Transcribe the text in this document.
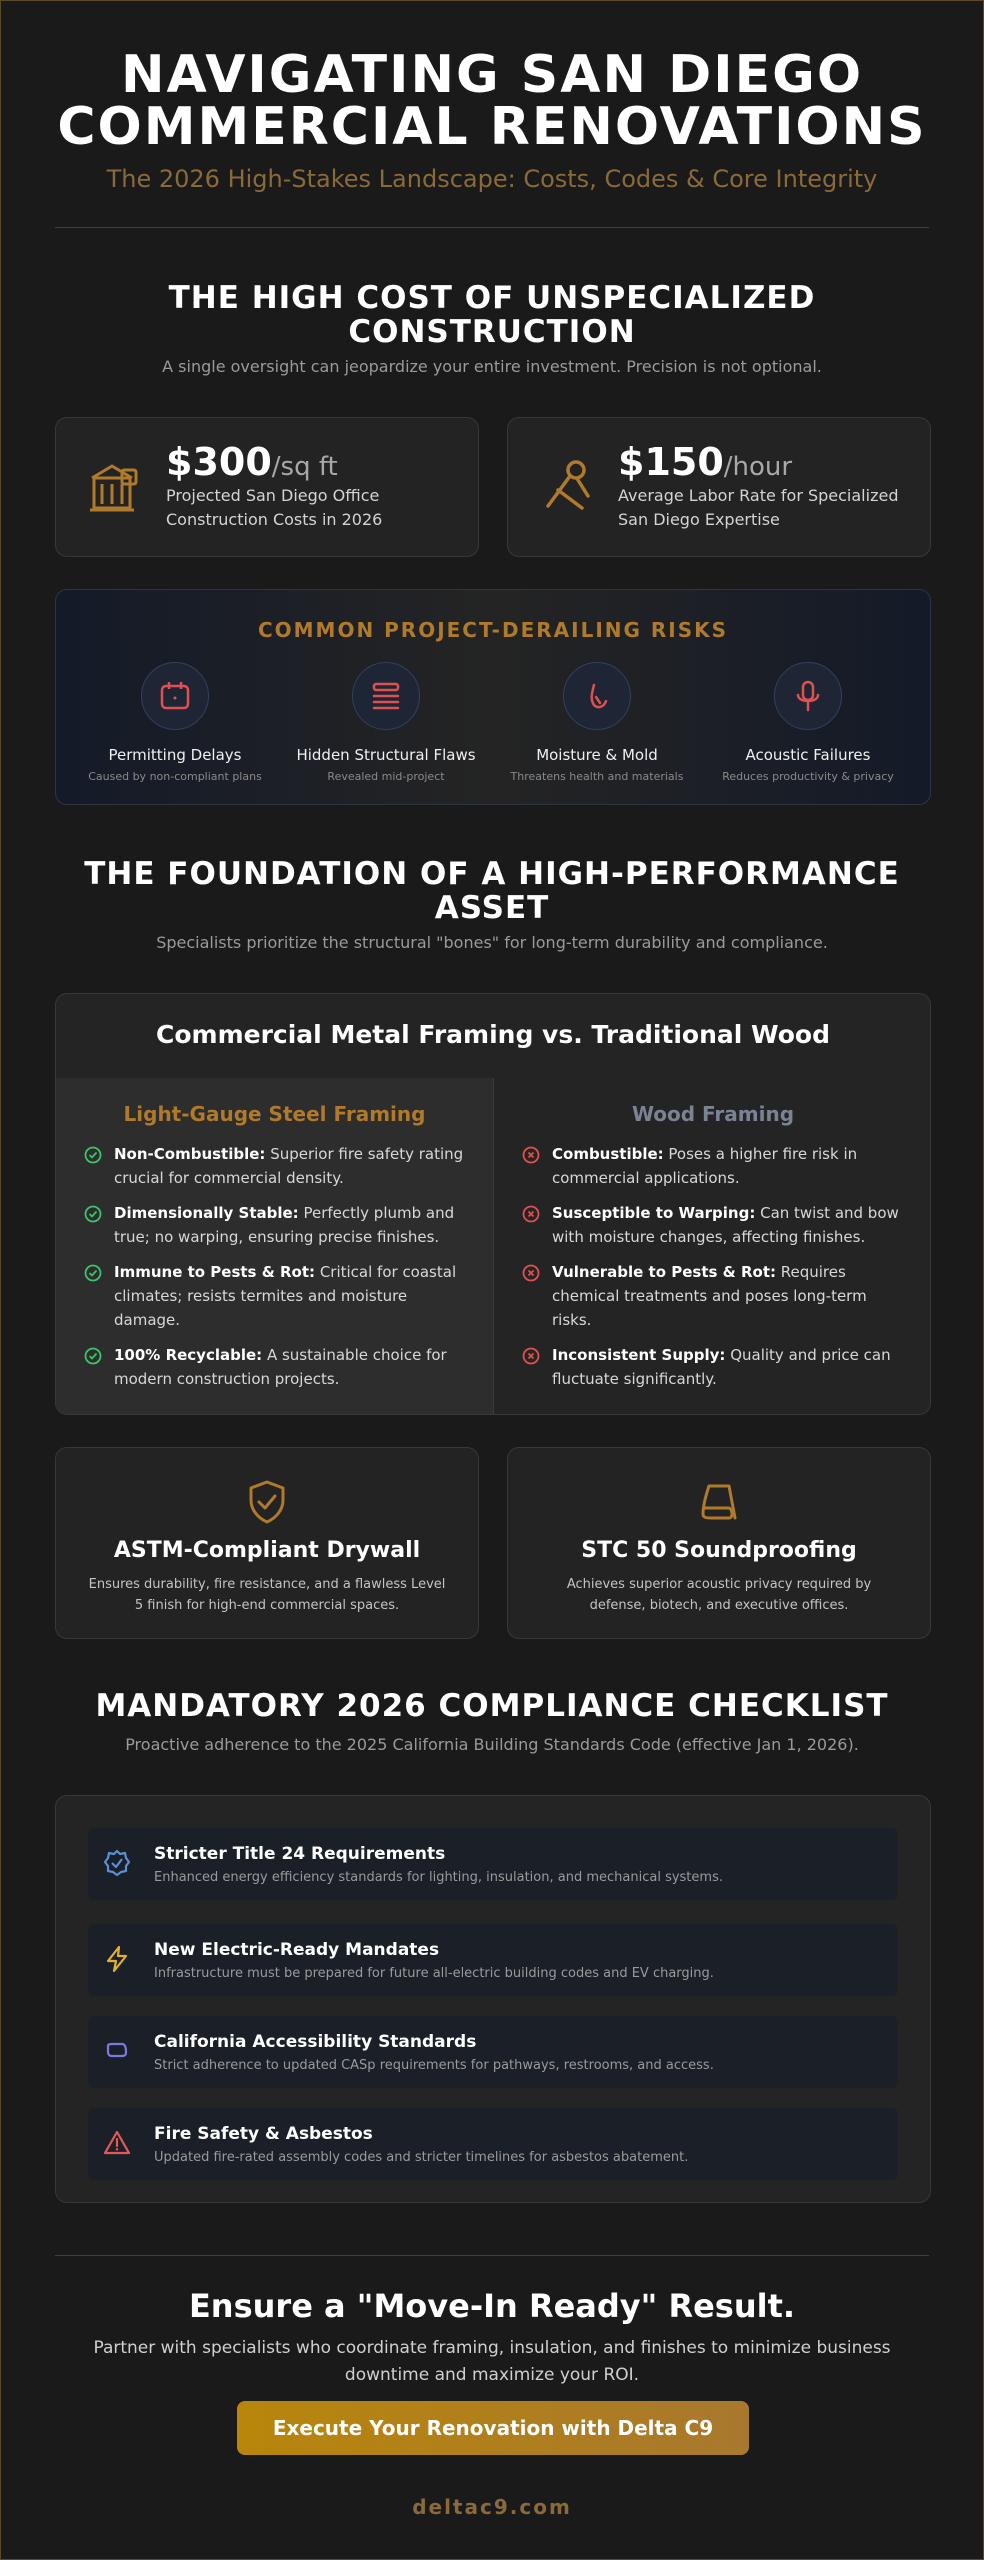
NAVIGATING SAN DIEGO COMMERCIAL RENOVATIONS
The 2026 High-Stakes Landscape: Costs, Codes & Core Integrity
THE HIGH COST OF UNSPECIALIZED CONSTRUCTION
A single oversight can jeopardize your entire investment. Precision is not optional.
$300/sq ft
Projected San Diego Office Construction Costs in 2026
$150/hour
Average Labor Rate for Specialized San Diego Expertise
COMMON PROJECT-DERAILING RISKS
Permitting Delays
Caused by non-compliant plans
Hidden Structural Flaws
Revealed mid-project
Moisture & Mold
Threatens health and materials
Acoustic Failures
Reduces productivity & privacy
THE FOUNDATION OF A HIGH-PERFORMANCE ASSET
Specialists prioritize the structural "bones" for long-term durability and compliance.
Commercial Metal Framing vs. Traditional Wood
Light-Gauge Steel Framing
Non-Combustible: Superior fire safety rating crucial for commercial density.
Dimensionally Stable: Perfectly plumb and true; no warping, ensuring precise finishes.
Immune to Pests & Rot: Critical for coastal climates; resists termites and moisture damage.
100% Recyclable: A sustainable choice for modern construction projects.
Wood Framing
Combustible: Poses a higher fire risk in commercial applications.
Susceptible to Warping: Can twist and bow with moisture changes, affecting finishes.
Vulnerable to Pests & Rot: Requires chemical treatments and poses long-term risks.
Inconsistent Supply: Quality and price can fluctuate significantly.
ASTM-Compliant Drywall
Ensures durability, fire resistance, and a flawless Level 5 finish for high-end commercial spaces.
STC 50 Soundproofing
Achieves superior acoustic privacy required by defense, biotech, and executive offices.
MANDATORY 2026 COMPLIANCE CHECKLIST
Proactive adherence to the 2025 California Building Standards Code (effective Jan 1, 2026).
Stricter Title 24 Requirements
Enhanced energy efficiency standards for lighting, insulation, and mechanical systems.
New Electric-Ready Mandates
Infrastructure must be prepared for future all-electric building codes and EV charging.
California Accessibility Standards
Strict adherence to updated CASp requirements for pathways, restrooms, and access.
Fire Safety & Asbestos
Updated fire-rated assembly codes and stricter timelines for asbestos abatement.
Ensure a "Move-In Ready" Result.
Partner with specialists who coordinate framing, insulation, and finishes to minimize business downtime and maximize your ROI.
Execute Your Renovation with Delta C9
deltac9.com
